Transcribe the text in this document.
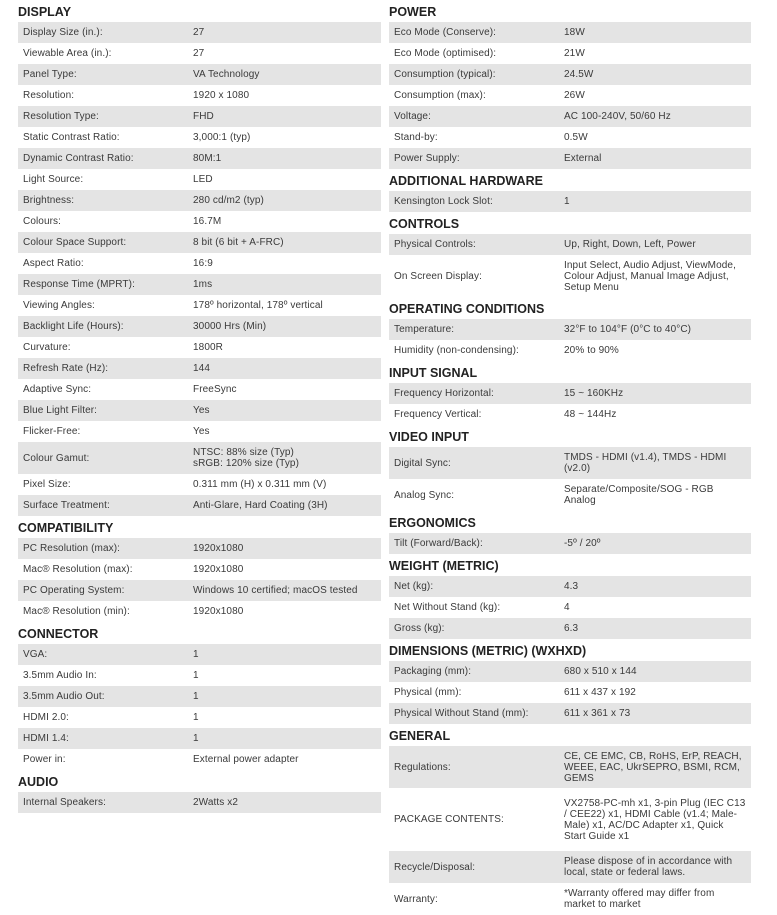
DISPLAY
Display Size (in.):	27
Viewable Area (in.):	27
Panel Type:	VA Technology
Resolution:	1920 x 1080
Resolution Type:	FHD
Static Contrast Ratio:	3,000:1 (typ)
Dynamic Contrast Ratio:	80M:1
Light Source:	LED
Brightness:	280 cd/m2 (typ)
Colours:	16.7M
Colour Space Support:	8 bit (6 bit + A-FRC)
Aspect Ratio:	16:9
Response Time (MPRT):	1ms
Viewing Angles:	178º horizontal, 178º vertical
Backlight Life (Hours):	30000 Hrs (Min)
Curvature:	1800R
Refresh Rate (Hz):	144
Adaptive Sync:	FreeSync
Blue Light Filter:	Yes
Flicker-Free:	Yes
Colour Gamut:	NTSC: 88% size (Typ)
sRGB: 120% size (Typ)
Pixel Size:	0.311 mm (H) x 0.311 mm (V)
Surface Treatment:	Anti-Glare, Hard Coating (3H)
COMPATIBILITY
PC Resolution (max):	1920x1080
Mac® Resolution (max):	1920x1080
PC Operating System:	Windows 10 certified; macOS tested
Mac® Resolution (min):	1920x1080
CONNECTOR
VGA:	1
3.5mm Audio In:	1
3.5mm Audio Out:	1
HDMI 2.0:	1
HDMI 1.4:	1
Power in:	External power adapter
AUDIO
Internal Speakers:	2Watts x2
POWER
Eco Mode (Conserve):	18W
Eco Mode (optimised):	21W
Consumption (typical):	24.5W
Consumption (max):	26W
Voltage:	AC 100-240V, 50/60 Hz
Stand-by:	0.5W
Power Supply:	External
ADDITIONAL HARDWARE
Kensington Lock Slot:	1
CONTROLS
Physical Controls:	Up, Right, Down, Left, Power
On Screen Display:
Input Select, Audio Adjust, ViewMode, Colour Adjust, Manual Image Adjust, Setup Menu
OPERATING CONDITIONS
Temperature:	32°F to 104°F (0°C to 40°C)
Humidity (non-condensing):	20% to 90%
INPUT SIGNAL
Frequency Horizontal:	15 ~ 160KHz
Frequency Vertical:	48 ~ 144Hz
VIDEO INPUT
Digital Sync:	TMDS - HDMI (v1.4), TMDS - HDMI (v2.0)
Analog Sync:	Separate/Composite/SOG - RGB Analog
ERGONOMICS
Tilt (Forward/Back):	-5º / 20º
WEIGHT (METRIC)
Net (kg):	4.3
Net Without Stand (kg):	4
Gross (kg):	6.3
DIMENSIONS (METRIC) (WXHXD)
Packaging (mm):	680 x 510 x 144
Physical (mm):	611 x 437 x 192
Physical Without Stand (mm):	611 x 361 x 73
GENERAL
Regulations:
CE, CE EMC, CB, RoHS, ErP, REACH, WEEE, EAC, UkrSEPRO, BSMI, RCM, GEMS
PACKAGE CONTENTS:
VX2758-PC-mh x1, 3-pin Plug (IEC C13 / CEE22) x1, HDMI Cable (v1.4; Male-Male) x1, AC/DC Adapter x1, Quick Start Guide x1
Recycle/Disposal:	Please dispose of in accordance with local, state or federal laws.
Warranty:	*Warranty offered may differ from market to market
